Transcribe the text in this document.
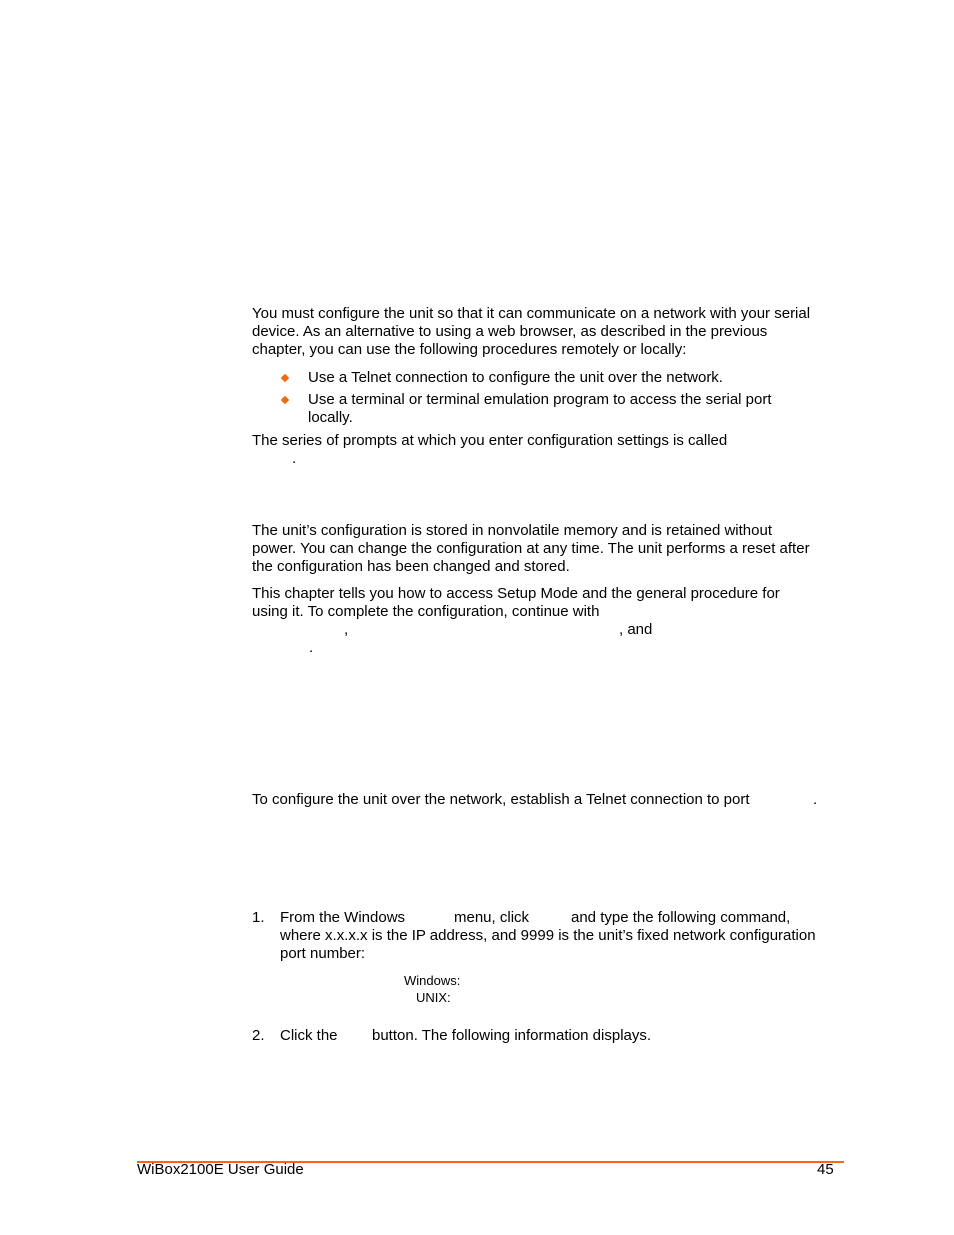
You must configure the unit so that it can communicate on a network with your serial

device. As an alternative to using a web browser, as described in the previous

chapter, you can use the following procedures remotely or locally:

Use a Telnet connection to configure the unit over the network.

Use a terminal or terminal emulation program to access the serial port

locally.

The series of prompts at which you enter configuration settings is called

.

The unit’s configuration is stored in nonvolatile memory and is retained without

power. You can change the configuration at any time. The unit performs a reset after

the configuration has been changed and stored.

This chapter tells you how to access Setup Mode and the general procedure for

using it. To complete the configuration, continue with

,	, and

.

To configure the unit over the network, establish a Telnet connection to port	.

1. From the Windows	menu, click	and type the following command,

where x.x.x.x is the IP address, and 9999 is the unit’s fixed network configuration

port number:

Windows:

UNIX:

2. Click the button. The following information displays.

WiBox2100E User Guide	45
